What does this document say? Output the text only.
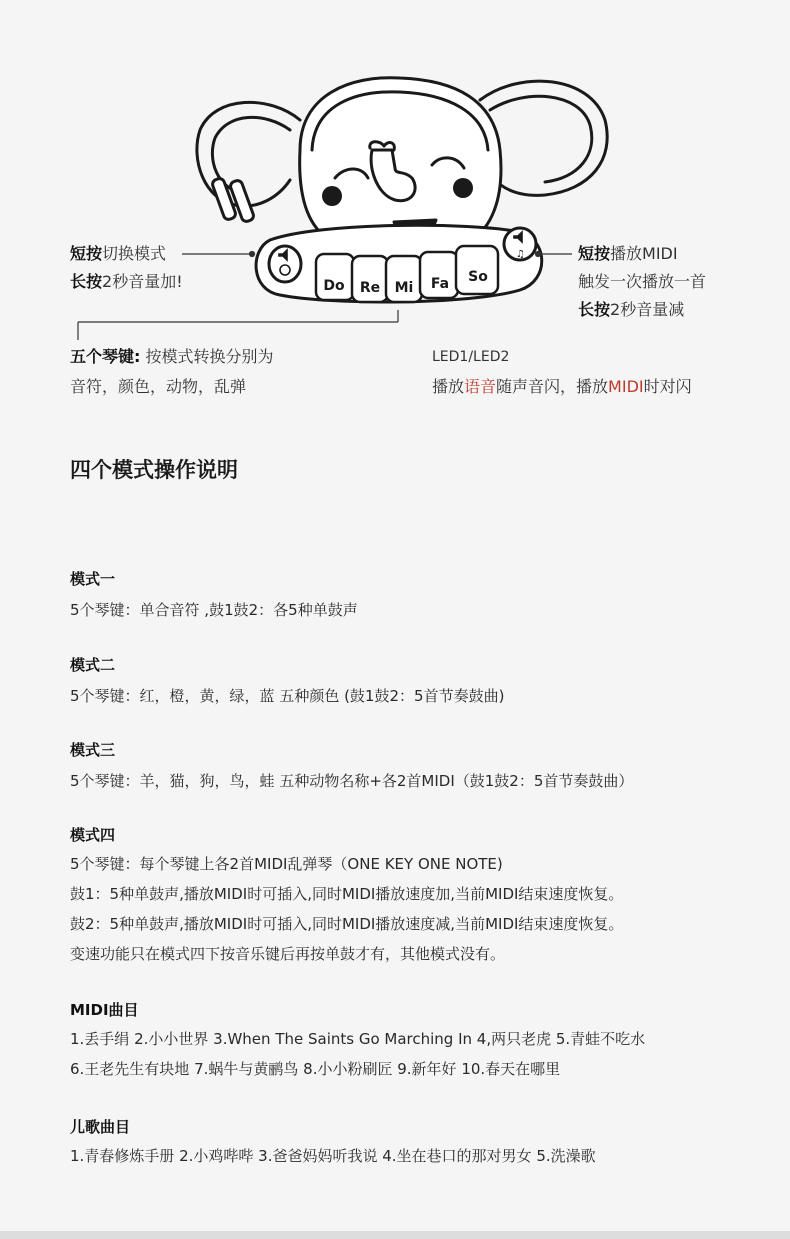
Do Re Mi Fa So
♫
短按切换模式
长按2秒音量加!
短按播放MIDI
触发一次播放一首
长按2秒音量减
五个琴键: 按模式转换分别为
音符，颜色，动物，乱弹
LED1/LED2
播放语音随声音闪，播放MIDI时对闪
四个模式操作说明
模式一
5个琴键：单合音符 ,鼓1鼓2：各5种单鼓声
模式二
5个琴键：红，橙，黄，绿，蓝 五种颜色 (鼓1鼓2：5首节奏鼓曲)
模式三
5个琴键：羊，猫，狗，鸟，蛙 五种动物名称+各2首MIDI（鼓1鼓2：5首节奏鼓曲）
模式四
5个琴键：每个琴键上各2首MIDI乱弹琴（ONE KEY ONE NOTE)
鼓1：5种单鼓声,播放MIDI时可插入,同时MIDI播放速度加,当前MIDI结束速度恢复。
鼓2：5种单鼓声,播放MIDI时可插入,同时MIDI播放速度减,当前MIDI结束速度恢复。
变速功能只在模式四下按音乐键后再按单鼓才有，其他模式没有。
MIDI曲目
1.丢手绢 2.小小世界 3.When The Saints Go Marching In 4,两只老虎 5.青蛙不吃水
6.王老先生有块地 7.蜗牛与黄鹂鸟 8.小小粉刷匠 9.新年好 10.春天在哪里
儿歌曲目
1.青春修炼手册 2.小鸡哔哔 3.爸爸妈妈听我说 4.坐在巷口的那对男女 5.洗澡歌
